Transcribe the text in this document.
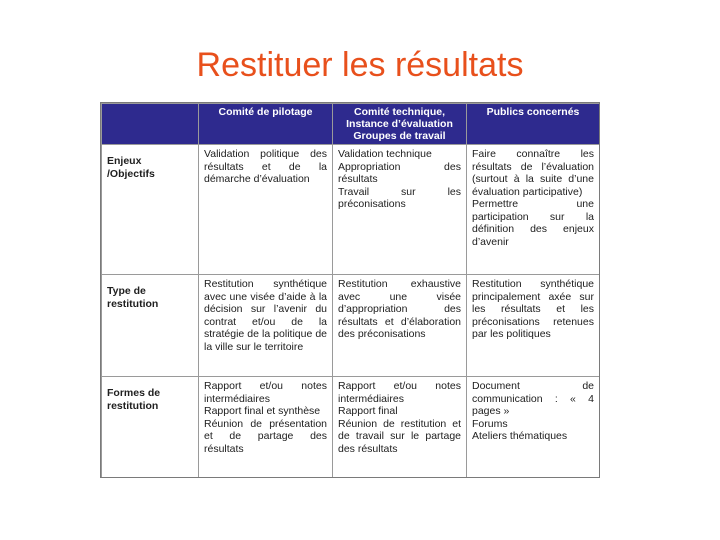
Restituer les résultats
	Comité de pilotage	Comité technique,
Instance d’évaluation
Groupes de travail	Publics concernés
Enjeux
/Objectifs	Validation politique des résultats et de la démarche d’évaluation	Validation technique
Appropriation des résultats
Travail sur les préconisations	Faire connaître les résultats de l’évaluation (surtout à la suite d’une évaluation participative)
Permettre une participation sur la définition des enjeux d’avenir

Type de
restitution	Restitution synthétique avec une visée d’aide à la décision sur l’avenir du contrat et/ou de la stratégie de la politique de la ville sur le territoire	Restitution exhaustive avec une visée d’appropriation des résultats et d’élaboration des préconisations	Restitution synthétique principalement axée sur les résultats et les préconisations retenues par les politiques

Formes de
restitution	Rapport et/ou notes intermédiaires
Rapport final et synthèse
Réunion de présentation et de partage des résultats	Rapport et/ou notes intermédiaires
Rapport final
Réunion de restitution et de travail sur le partage des résultats	Document de communication : « 4 pages »
Forums
Ateliers thématiques
